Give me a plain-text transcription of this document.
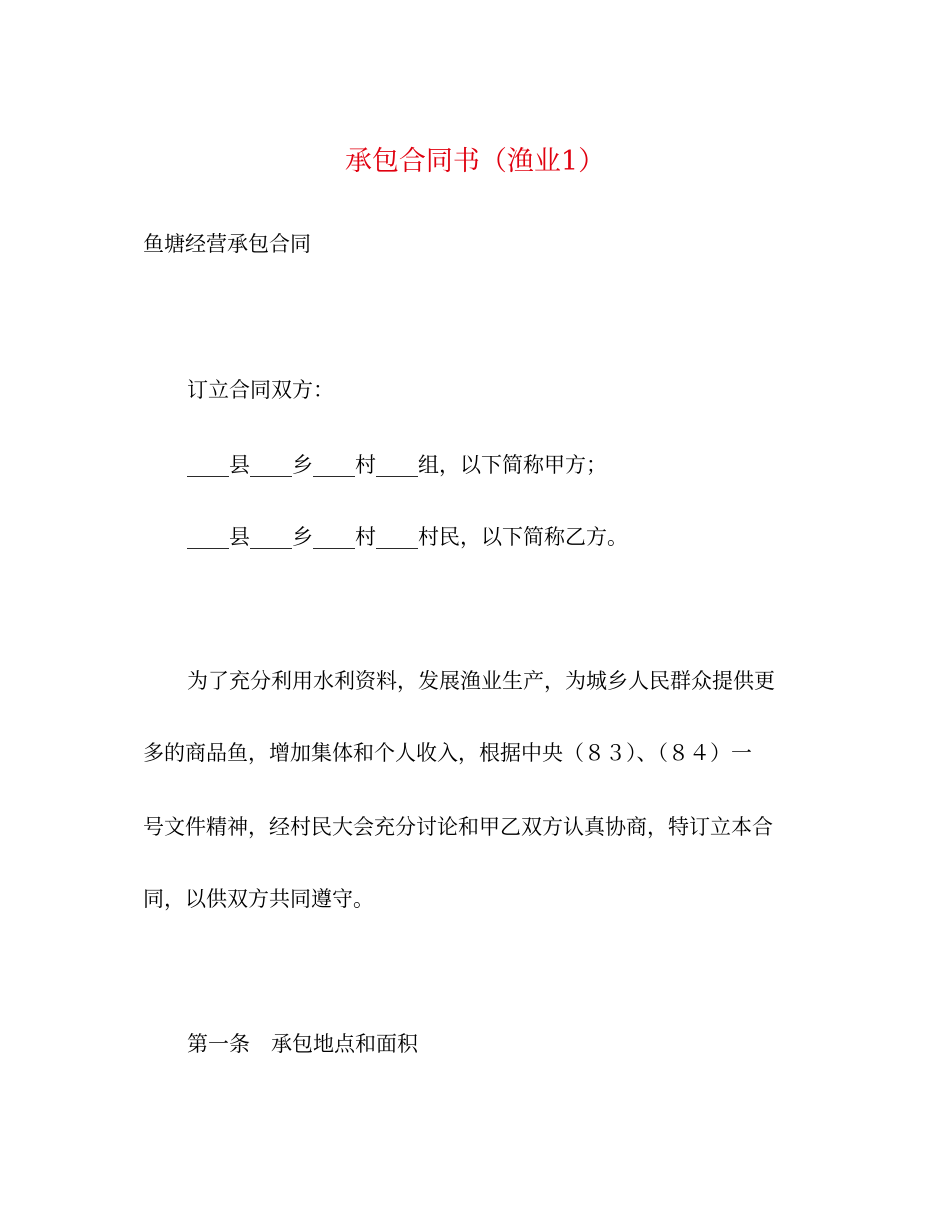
承包合同书（渔业1）
鱼塘经营承包合同
订立合同双方：
____县____乡____村____组，以下简称甲方；
____县____乡____村____村民，以下简称乙方。
为了充分利用水利资料，发展渔业生产，为城乡人民群众提供更
多的商品鱼，增加集体和个人收入，根据中央（８３）、（８４）一
号文件精神，经村民大会充分讨论和甲乙双方认真协商，特订立本合
同，以供双方共同遵守。
第一条　承包地点和面积
